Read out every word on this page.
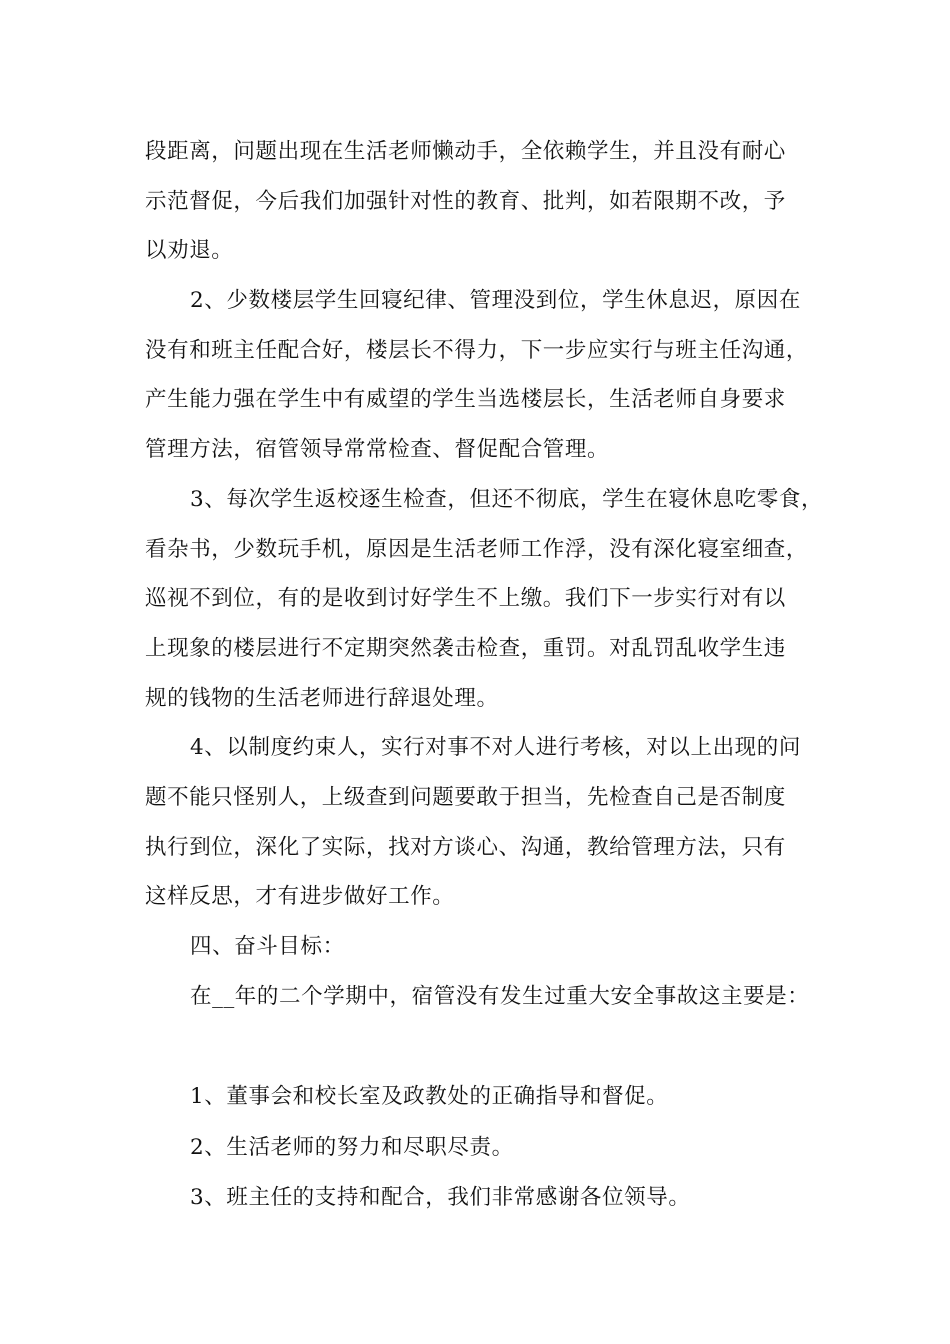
段距离，问题出现在生活老师懒动手，全依赖学生，并且没有耐心
示范督促，今后我们加强针对性的教育、批判，如若限期不改，予
以劝退。
2、少数楼层学生回寝纪律、管理没到位，学生休息迟，原因在
没有和班主任配合好，楼层长不得力，下一步应实行与班主任沟通，
产生能力强在学生中有威望的学生当选楼层长，生活老师自身要求
管理方法，宿管领导常常检查、督促配合管理。
3、每次学生返校逐生检查，但还不彻底，学生在寝休息吃零食，
看杂书，少数玩手机，原因是生活老师工作浮，没有深化寝室细查，
巡视不到位，有的是收到讨好学生不上缴。我们下一步实行对有以
上现象的楼层进行不定期突然袭击检查，重罚。对乱罚乱收学生违
规的钱物的生活老师进行辞退处理。
4、以制度约束人，实行对事不对人进行考核，对以上出现的问
题不能只怪别人，上级查到问题要敢于担当，先检查自己是否制度
执行到位，深化了实际，找对方谈心、沟通，教给管理方法，只有
这样反思，才有进步做好工作。
四、奋斗目标：
在__年的二个学期中，宿管没有发生过重大安全事故这主要是：
1、董事会和校长室及政教处的正确指导和督促。
2、生活老师的努力和尽职尽责。
3、班主任的支持和配合，我们非常感谢各位领导。
